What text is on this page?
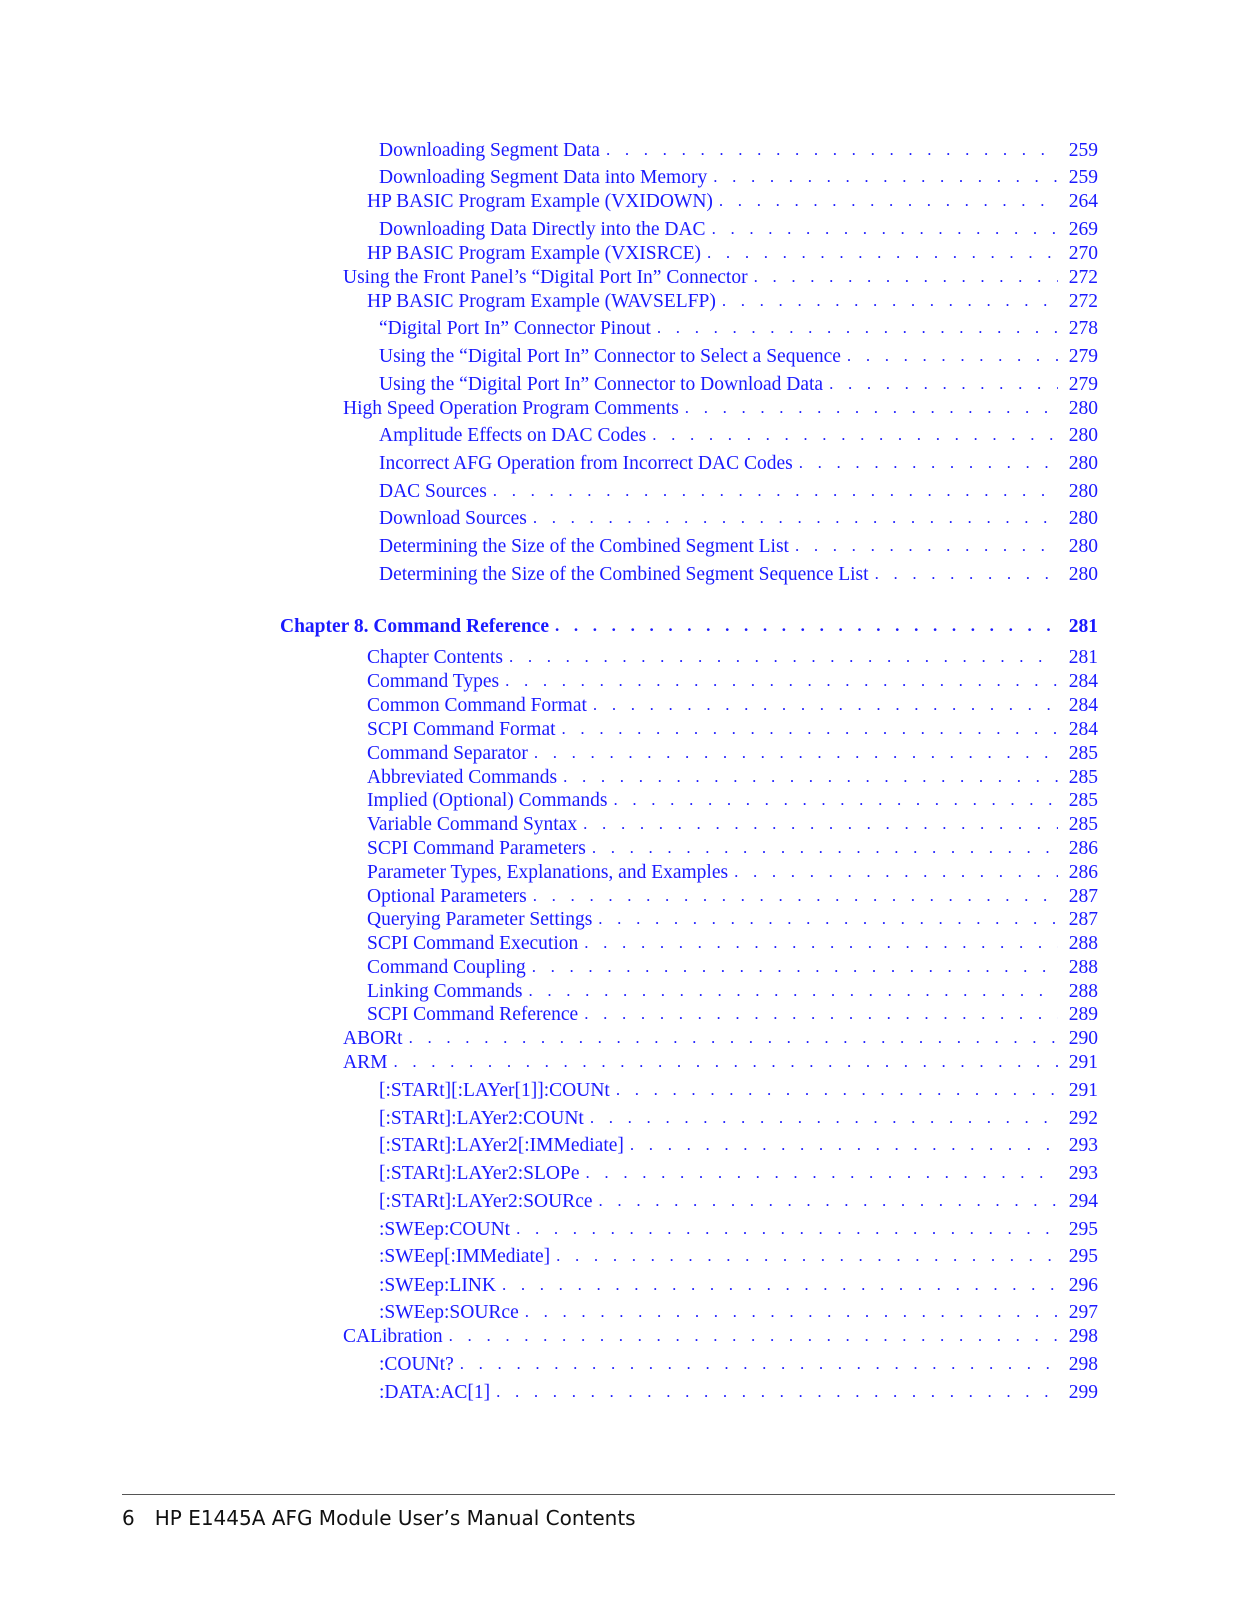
Downloading Segment Data . . .	259
Downloading Segment Data into Memory . . .	259
HP BASIC Program Example (VXIDOWN) . . .	264
Downloading Data Directly into the DAC . . .	269
HP BASIC Program Example (VXISRCE) . . .	270
Using the Front Panel’s “Digital Port In” Connector . . .	272
HP BASIC Program Example (WAVSELFP) . . .	272
“Digital Port In” Connector Pinout . . .	278
Using the “Digital Port In” Connector to Select a Sequence . . .	279
Using the “Digital Port In” Connector to Download Data . . .	279
High Speed Operation Program Comments . . .	280
Amplitude Effects on DAC Codes . . .	280
Incorrect AFG Operation from Incorrect DAC Codes . . .	280
DAC Sources . . .	280
Download Sources . . .	280
Determining the Size of the Combined Segment List . . .	280
Determining the Size of the Combined Segment Sequence List . . .	280
Chapter 8. Command Reference . . .	281
Chapter Contents . . .	281
Command Types . . .	284
Common Command Format . . .	284
SCPI Command Format . . .	284
Command Separator . . .	285
Abbreviated Commands . . .	285
Implied (Optional) Commands . . .	285
Variable Command Syntax . . .	285
SCPI Command Parameters . . .	286
Parameter Types, Explanations, and Examples . . .	286
Optional Parameters . . .	287
Querying Parameter Settings . . .	287
SCPI Command Execution . . .	288
Command Coupling . . .	288
Linking Commands . . .	288
SCPI Command Reference . . .	289
ABORt . . .	290
ARM . . .	291
[:STARt][:LAYer[1]]:COUNt . . .	291
[:STARt]:LAYer2:COUNt . . .	292
[:STARt]:LAYer2[:IMMediate] . . .	293
[:STARt]:LAYer2:SLOPe . . .	293
[:STARt]:LAYer2:SOURce . . .	294
:SWEep:COUNt . . .	295
:SWEep[:IMMediate] . . .	295
:SWEep:LINK . . .	296
:SWEep:SOURce . . .	297
CALibration . . .	298
:COUNt? . . .	298
:DATA:AC[1] . . .	299
6 HP E1445A AFG Module User’s Manual Contents
